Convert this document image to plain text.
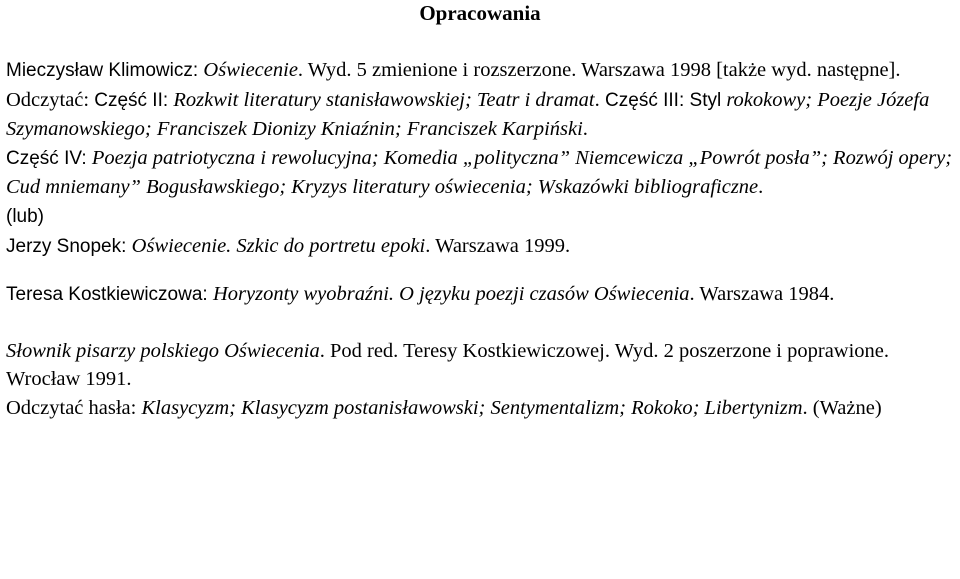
Opracowania

Mieczysław Klimowicz: Oświecenie. Wyd. 5 zmienione i rozszerzone. Warszawa 1998 [także wyd. następne].
Odczytać: Część II: Rozkwit literatury stanisławowskiej; Teatr i dramat. Część III: Styl rokokowy; Poezje Józefa Szymanowskiego; Franciszek Dionizy Kniaźnin; Franciszek Karpiński.
Część IV: Poezja patriotyczna i rewolucyjna; Komedia „polityczna” Niemcewicza „Powrót posła”; Rozwój opery; Cud mniemany” Bogusławskiego; Kryzys literatury oświecenia; Wskazówki bibliograficzne.
(lub)

Jerzy Snopek: Oświecenie. Szkic do portretu epoki. Warszawa 1999.

Teresa Kostkiewiczowa: Horyzonty wyobraźni. O języku poezji czasów Oświecenia. Warszawa 1984.

Słownik pisarzy polskiego Oświecenia. Pod red. Teresy Kostkiewiczowej. Wyd. 2 poszerzone i poprawione. Wrocław 1991.
Odczytać hasła: Klasycyzm; Klasycyzm postanisławowski; Sentymentalizm; Rokoko; Libertynizm. (Ważne)
